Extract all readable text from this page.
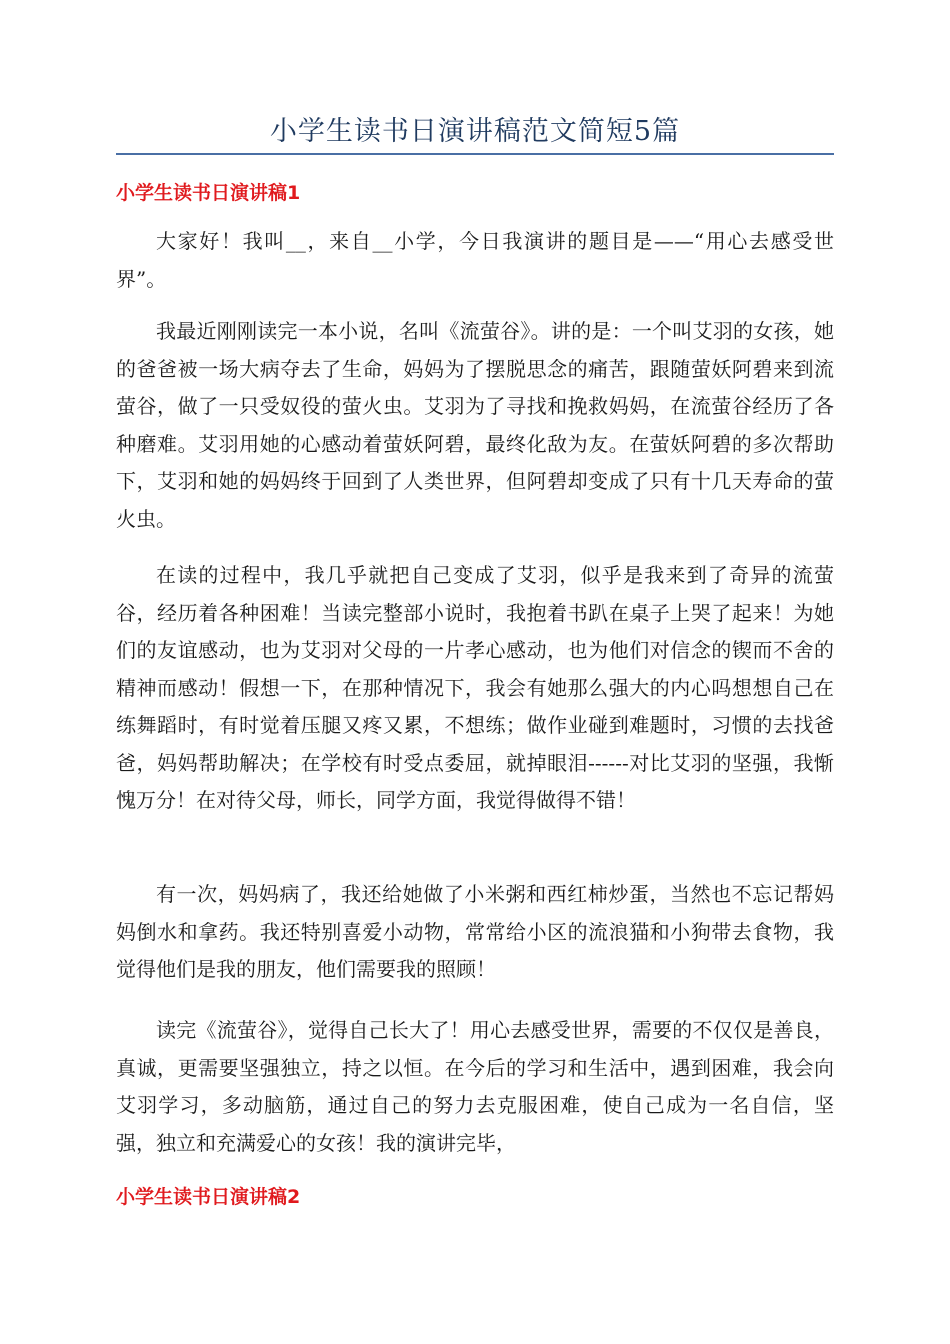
小学生读书日演讲稿范文简短5篇
小学生读书日演讲稿1

大家好！我叫__，来自__小学，今日我演讲的题目是——“用心去感受世界”。

我最近刚刚读完一本小说，名叫《流萤谷》。讲的是：一个叫艾羽的女孩，她的爸爸被一场大病夺去了生命，妈妈为了摆脱思念的痛苦，跟随萤妖阿碧来到流萤谷，做了一只受奴役的萤火虫。艾羽为了寻找和挽救妈妈，在流萤谷经历了各种磨难。艾羽用她的心感动着萤妖阿碧，最终化敌为友。在萤妖阿碧的多次帮助下，艾羽和她的妈妈终于回到了人类世界，但阿碧却变成了只有十几天寿命的萤火虫。

在读的过程中，我几乎就把自己变成了艾羽，似乎是我来到了奇异的流萤谷，经历着各种困难！当读完整部小说时，我抱着书趴在桌子上哭了起来！为她们的友谊感动，也为艾羽对父母的一片孝心感动，也为他们对信念的锲而不舍的精神而感动！假想一下，在那种情况下，我会有她那么强大的内心吗想想自己在练舞蹈时，有时觉着压腿又疼又累，不想练；做作业碰到难题时，习惯的去找爸爸，妈妈帮助解决；在学校有时受点委屈，就掉眼泪------对比艾羽的坚强，我惭愧万分！在对待父母，师长，同学方面，我觉得做得不错！

有一次，妈妈病了，我还给她做了小米粥和西红柿炒蛋，当然也不忘记帮妈妈倒水和拿药。我还特别喜爱小动物，常常给小区的流浪猫和小狗带去食物，我觉得他们是我的朋友，他们需要我的照顾！

读完《流萤谷》，觉得自己长大了！用心去感受世界，需要的不仅仅是善良，真诚，更需要坚强独立，持之以恒。在今后的学习和生活中，遇到困难，我会向艾羽学习，多动脑筋，通过自己的努力去克服困难，使自己成为一名自信，坚强，独立和充满爱心的女孩！我的演讲完毕，

小学生读书日演讲稿2
